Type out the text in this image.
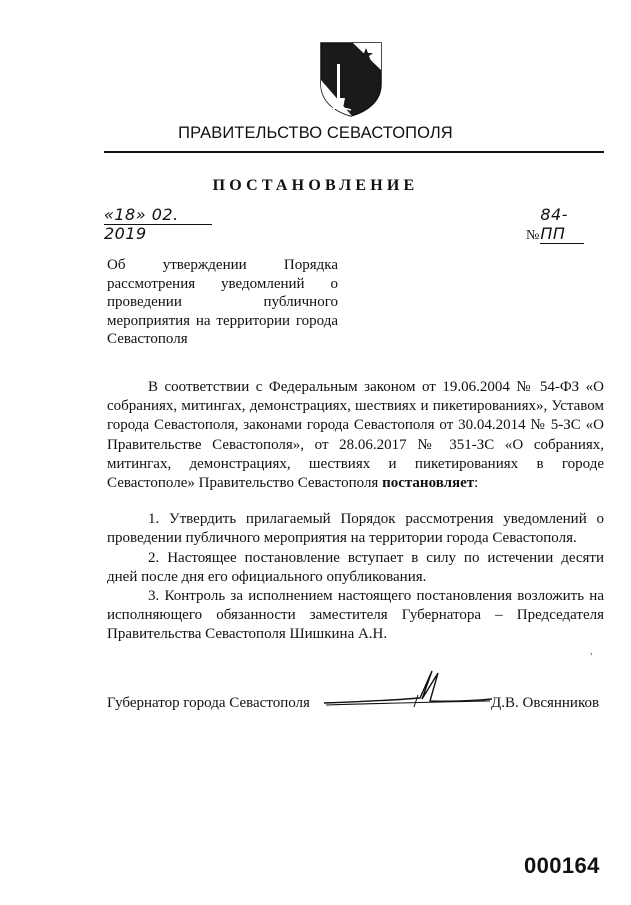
ПРАВИТЕЛЬСТВО СЕВАСТОПОЛЯ
ПОСТАНОВЛЕНИЕ
«18» 02. 2019	№84-ПП
Об утверждении Порядка рассмотрения уведомлений о проведении публичного мероприятия на территории города Севастополя

В соответствии с Федеральным законом от 19.06.2004 № 54-ФЗ «О собраниях, митингах, демонстрациях, шествиях и пикетированиях», Уставом города Севастополя, законами города Севастополя от 30.04.2014 № 5-ЗС «О Правительстве Севастополя», от 28.06.2017 № 351-ЗС «О собраниях, митингах, демонстрациях, шествиях и пикетированиях в городе Севастополе» Правительство Севастополя постановляет:

1. Утвердить прилагаемый Порядок рассмотрения уведомлений о проведении публичного мероприятия на территории города Севастополя.

2. Настоящее постановление вступает в силу по истечении десяти дней после дня его официального опубликования.

3. Контроль за исполнением настоящего постановления возложить на исполняющего обязанности заместителя Губернатора – Председателя Правительства Севастополя Шишкина А.Н.

Губернатор города Севастополя	Д.В. Овсянников
,
000164
